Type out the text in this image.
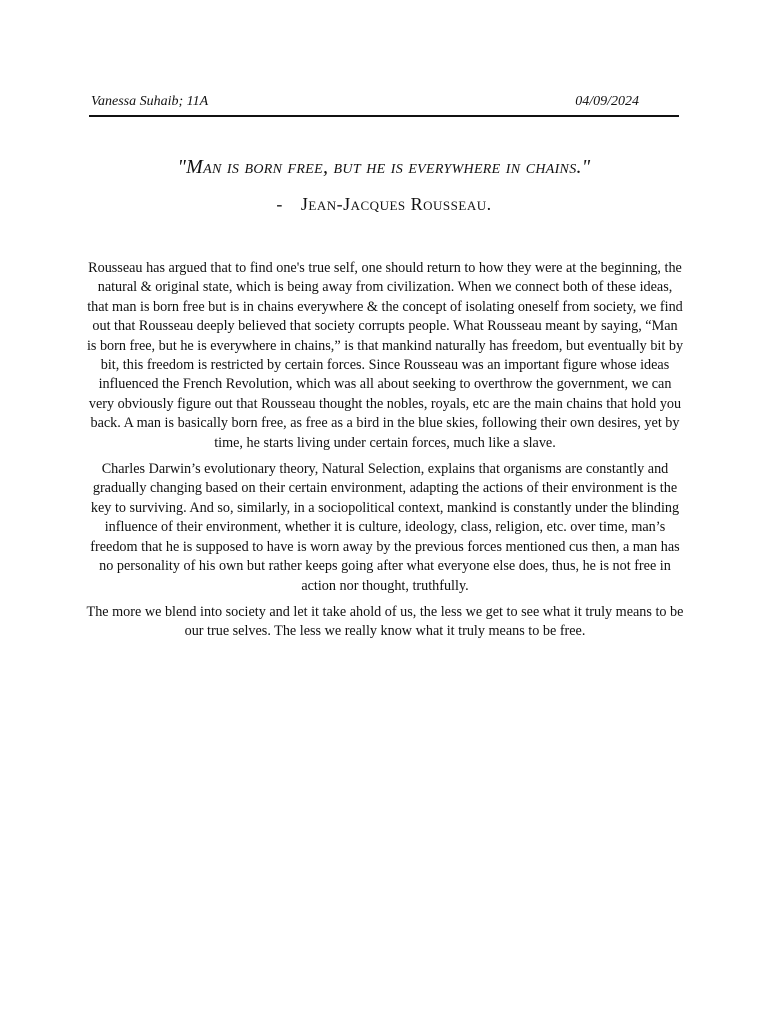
Vanessa Suhaib; 11A	04/09/2024
"Man is born free, but he is everywhere in chains."
- Jean-Jacques Rousseau.

Rousseau has argued that to find one's true self, one should return to how they were at the beginning, the natural & original state, which is being away from civilization. When we connect both of these ideas, that man is born free but is in chains everywhere & the concept of isolating oneself from society, we find out that Rousseau deeply believed that society corrupts people. What Rousseau meant by saying, “Man is born free, but he is everywhere in chains,” is that mankind naturally has freedom, but eventually bit by bit, this freedom is restricted by certain forces. Since Rousseau was an important figure whose ideas influenced the French Revolution, which was all about seeking to overthrow the government, we can very obviously figure out that Rousseau thought the nobles, royals, etc are the main chains that hold you back. A man is basically born free, as free as a bird in the blue skies, following their own desires, yet by time, he starts living under certain forces, much like a slave.

Charles Darwin’s evolutionary theory, Natural Selection, explains that organisms are constantly and gradually changing based on their certain environment, adapting the actions of their environment is the key to surviving. And so, similarly, in a sociopolitical context, mankind is constantly under the blinding influence of their environment, whether it is culture, ideology, class, religion, etc. over time, man’s freedom that he is supposed to have is worn away by the previous forces mentioned cus then, a man has no personality of his own but rather keeps going after what everyone else does, thus, he is not free in action nor thought, truthfully.

The more we blend into society and let it take ahold of us, the less we get to see what it truly means to be our true selves. The less we really know what it truly means to be free.
